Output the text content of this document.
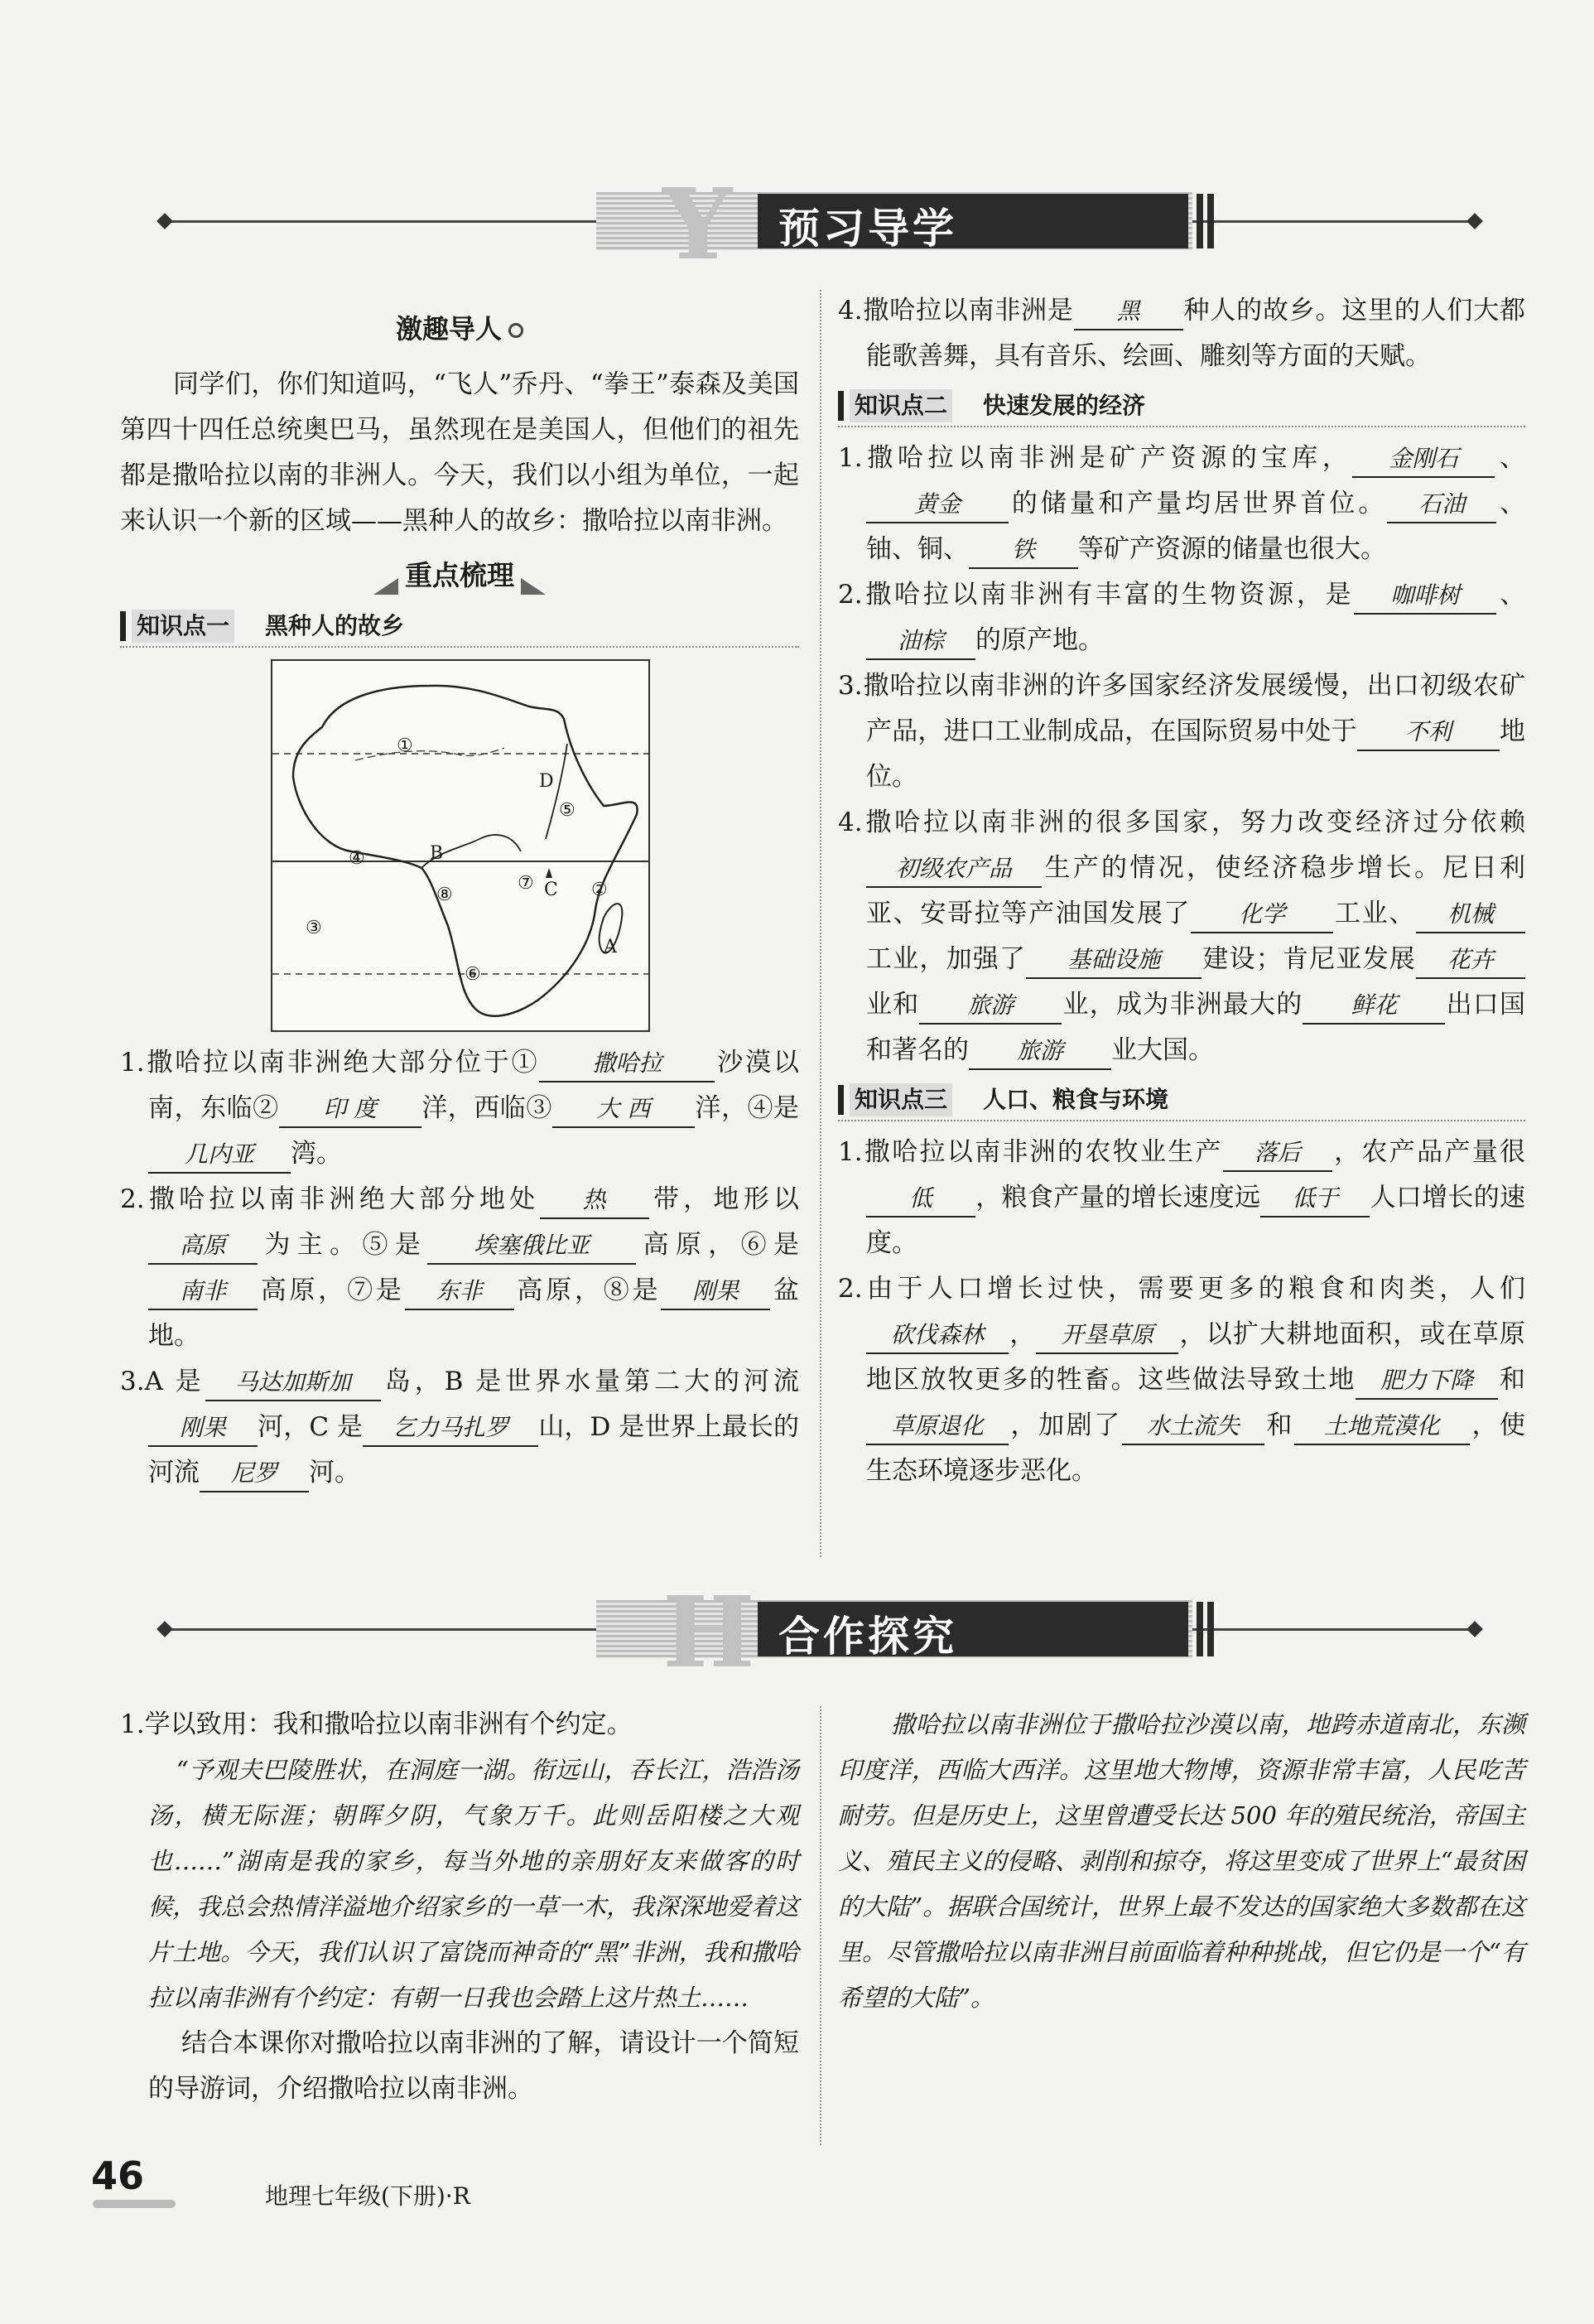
Y 预习导学
激趣导人
同学们，你们知道吗，“飞人”乔丹、“拳王”泰森及美国第四十四任总统奥巴马，虽然现在是美国人，但他们的祖先都是撒哈拉以南的非洲人。今天，我们以小组为单位，一起来认识一个新的区域——黑种人的故乡：撒哈拉以南非洲。
重点梳理
知识点一 黑种人的故乡
①
②
③
④
⑤
⑥
⑦
⑧
A
B
C
D
1.撒哈拉以南非洲绝大部分位于① 撒哈拉 沙漠以南，东临② 印 度 洋，西临③ 大 西 洋，④是几内亚 湾。
2.撒哈拉以南非洲绝大部分地处 热 带，地形以高原 为主。⑤是 埃塞俄比亚 高原，⑥是南非 高原，⑦是 东非 高原，⑧是 刚果 盆地。
3.A 是 马达加斯加 岛，B 是世界水量第二大的河流刚果 河，C 是 乞力马扎罗 山，D 是世界上最长的河流 尼罗 河。
4.撒哈拉以南非洲是 黑 种人的故乡。这里的人们大都能歌善舞，具有音乐、绘画、雕刻等方面的天赋。
知识点二 快速发展的经济
1.撒哈拉以南非洲是矿产资源的宝库， 金刚石 、黄金 的储量和产量均居世界首位。 石油 、铀、铜、 铁 等矿产资源的储量也很大。
2.撒哈拉以南非洲有丰富的生物资源，是 咖啡树 、油棕 的原产地。
3.撒哈拉以南非洲的许多国家经济发展缓慢，出口初级农矿产品，进口工业制成品，在国际贸易中处于 不利 地位。
4.撒哈拉以南非洲的很多国家，努力改变经济过分依赖初级农产品 生产的情况，使经济稳步增长。尼日利亚、安哥拉等产油国发展了 化学 工业、 机械工业，加强了 基础设施 建设；肯尼亚发展 花卉业和 旅游 业，成为非洲最大的 鲜花 出口国和著名的 旅游 业大国。
知识点三 人口、粮食与环境
1.撒哈拉以南非洲的农牧业生产 落后 ，农产品产量很低 ，粮食产量的增长速度远 低于 人口增长的速度。
2.由于人口增长过快，需要更多的粮食和肉类，人们砍伐森林 ， 开垦草原 ，以扩大耕地面积，或在草原地区放牧更多的牲畜。这些做法导致土地 肥力下降 和草原退化 ，加剧了 水土流失 和 土地荒漠化 ，使生态环境逐步恶化。
H 合作探究
1.学以致用：我和撒哈拉以南非洲有个约定。
“予观夫巴陵胜状，在洞庭一湖。衔远山，吞长江，浩浩汤汤，横无际涯；朝晖夕阴，气象万千。此则岳阳楼之大观也……”湖南是我的家乡，每当外地的亲朋好友来做客的时候，我总会热情洋溢地介绍家乡的一草一木，我深深地爱着这片土地。今天，我们认识了富饶而神奇的“黑”非洲，我和撒哈拉以南非洲有个约定：有朝一日我也会踏上这片热土……
结合本课你对撒哈拉以南非洲的了解，请设计一个简短的导游词，介绍撒哈拉以南非洲。
撒哈拉以南非洲位于撒哈拉沙漠以南，地跨赤道南北，东濒印度洋，西临大西洋。这里地大物博，资源非常丰富，人民吃苦耐劳。但是历史上，这里曾遭受长达 500 年的殖民统治，帝国主义、殖民主义的侵略、剥削和掠夺，将这里变成了世界上“最贫困的大陆”。据联合国统计，世界上最不发达的国家绝大多数都在这里。尽管撒哈拉以南非洲目前面临着种种挑战，但它仍是一个“有希望的大陆”。
46	地理七年级(下册)·R
